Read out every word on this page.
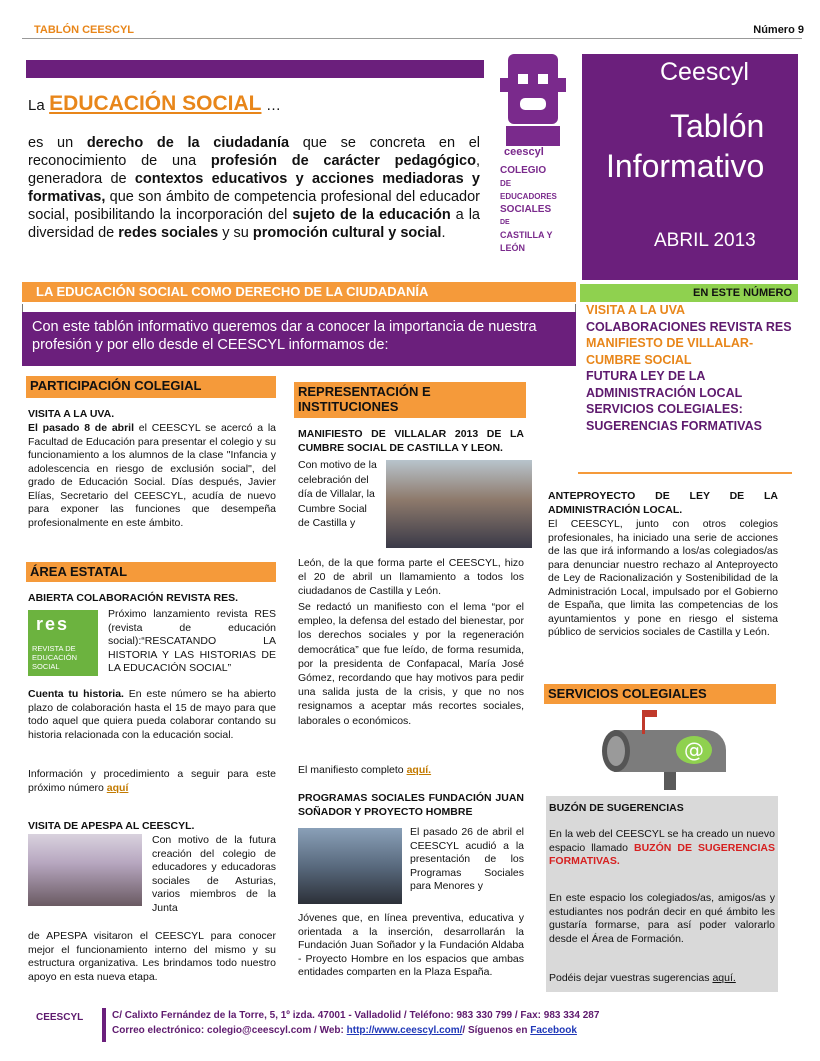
TABLÓN CEESCYL	Número 9
ceescyl
COLEGIO
DE EDUCADORES
SOCIALES
DE
CASTILLA Y LEÓN
Ceescyl
Tablón
Informativo
ABRIL 2013
La EDUCACIÓN SOCIAL …
es un derecho de la ciudadanía que se concreta en el reconocimiento de una profesión de carácter pedagógico, generadora de contextos educativos y acciones mediadoras y formativas, que son ámbito de competencia profesional del educador social, posibilitando la incorporación del sujeto de la educación a la diversidad de redes sociales y su promoción cultural y social.
LA EDUCACIÓN SOCIAL COMO DERECHO DE LA CIUDADANÍA
Con este tablón informativo queremos dar a conocer la importancia de nuestra profesión y por ello desde el CEESCYL informamos de:
EN ESTE NÚMERO
VISITA A LA UVA
COLABORACIONES REVISTA RES
MANIFIESTO DE VILLALAR-CUMBRE SOCIAL
FUTURA LEY DE LA ADMINISTRACIÓN LOCAL
SERVICIOS COLEGIALES: SUGERENCIAS FORMATIVAS
PARTICIPACIÓN COLEGIAL
VISITA A LA UVA.
El pasado 8 de abril el CEESCYL se acercó a la Facultad de Educación para presentar el colegio y su funcionamiento a los alumnos de la clase "Infancia y adolescencia en riesgo de exclusión social", del grado de Educación Social. Días después, Javier Elías, Secretario del CEESCYL, acudía de nuevo para exponer las funciones que desempeña profesionalmente en este ámbito.
ÁREA ESTATAL
ABIERTA COLABORACIÓN REVISTA RES.
res
REVISTA DE EDUCACIÓN SOCIAL
Próximo lanzamiento revista RES (revista de educación social):“RESCATANDO LA HISTORIA Y LAS HISTORIAS DE LA EDUCACIÓN SOCIAL”
Cuenta tu historia. En este número se ha abierto plazo de colaboración hasta el 15 de mayo para que todo aquel que quiera pueda colaborar contando su historia relacionada con la educación social.
Información y procedimiento a seguir para este próximo número aquí
VISITA DE APESPA AL CEESCYL.
Con motivo de la futura creación del colegio de educadores y educadoras sociales de Asturias, varios miembros de la Junta
de APESPA visitaron el CEESCYL para conocer mejor el funcionamiento interno del mismo y su estructura organizativa. Les brindamos todo nuestro apoyo en esta nueva etapa.
REPRESENTACIÓN E INSTITUCIONES
MANIFIESTO DE VILLALAR 2013 DE LA CUMBRE SOCIAL DE CASTILLA Y LEON.
Con motivo de la celebración del día de Villalar, la Cumbre Social de Castilla y
León, de la que forma parte el CEESCYL, hizo el 20 de abril un llamamiento a todos los ciudadanos de Castilla y León.
Se redactó un manifiesto con el lema “por el empleo, la defensa del estado del bienestar, por los derechos sociales y por la regeneración democrática” que fue leído, de forma resumida, por la presidenta de Confapacal, María José Gómez, recordando que hay motivos para pedir una salida justa de la crisis, y que no nos resignamos a aceptar más recortes sociales, laborales o económicos.
El manifiesto completo aquí.
PROGRAMAS SOCIALES FUNDACIÓN JUAN SOÑADOR Y PROYECTO HOMBRE
El pasado 26 de abril el CEESCYL acudió a la presentación de los Programas Sociales para Menores y
Jóvenes que, en línea preventiva, educativa y orientada a la inserción, desarrollarán la Fundación Juan Soñador y la Fundación Aldaba - Proyecto Hombre en los espacios que ambas entidades comparten en la Plaza España.
ANTEPROYECTO DE LEY DE LA ADMINISTRACIÓN LOCAL.
El CEESCYL, junto con otros colegios profesionales, ha iniciado una serie de acciones de las que irá informando a los/as colegiados/as para denunciar nuestro rechazo al Anteproyecto de Ley de Racionalización y Sostenibilidad de la Administración Local, impulsado por el Gobierno de España, que limita las competencias de los ayuntamientos y pone en riesgo el sistema público de servicios sociales de Castilla y León.
SERVICIOS COLEGIALES
@
BUZÓN DE SUGERENCIAS
En la web del CEESCYL se ha creado un nuevo espacio llamado BUZÓN DE SUGERENCIAS FORMATIVAS.
En este espacio los colegiados/as, amigos/as y estudiantes nos podrán decir en qué ámbito les gustaría formarse, para así poder valorarlo desde el Área de Formación.
Podéis dejar vuestras sugerencias aquí.
CEESCYL	C/ Calixto Fernández de la Torre, 5, 1º izda. 47001 - Valladolid / Teléfono: 983 330 799 / Fax: 983 334 287
Correo electrónico: colegio@ceescyl.com / Web: http://www.ceescyl.com// Síguenos en Facebook
